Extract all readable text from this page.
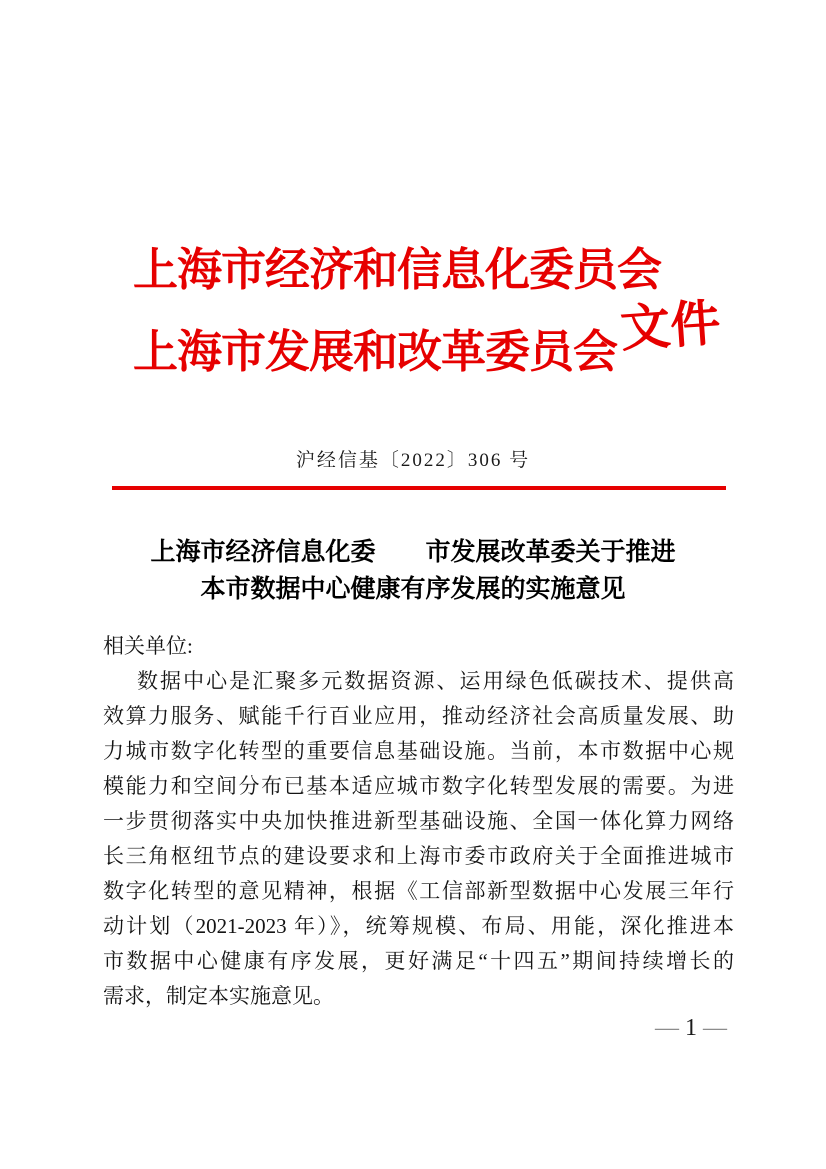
上海市经济和信息化委员会
上海市发展和改革委员会 文件
沪经信基〔2022〕306 号
上海市经济信息化委　　市发展改革委关于推进
本市数据中心健康有序发展的实施意见
相关单位:
数据中心是汇聚多元数据资源、运用绿色低碳技术、提供高
效算力服务、赋能千行百业应用，推动经济社会高质量发展、助
力城市数字化转型的重要信息基础设施。当前，本市数据中心规
模能力和空间分布已基本适应城市数字化转型发展的需要。为进
一步贯彻落实中央加快推进新型基础设施、全国一体化算力网络
长三角枢纽节点的建设要求和上海市委市政府关于全面推进城市
数字化转型的意见精神，根据《工信部新型数据中心发展三年行
动计划（2021-2023 年）》，统筹规模、布局、用能，深化推进本
市数据中心健康有序发展，更好满足“十四五”期间持续增长的
需求，制定本实施意见。
— 1 —
